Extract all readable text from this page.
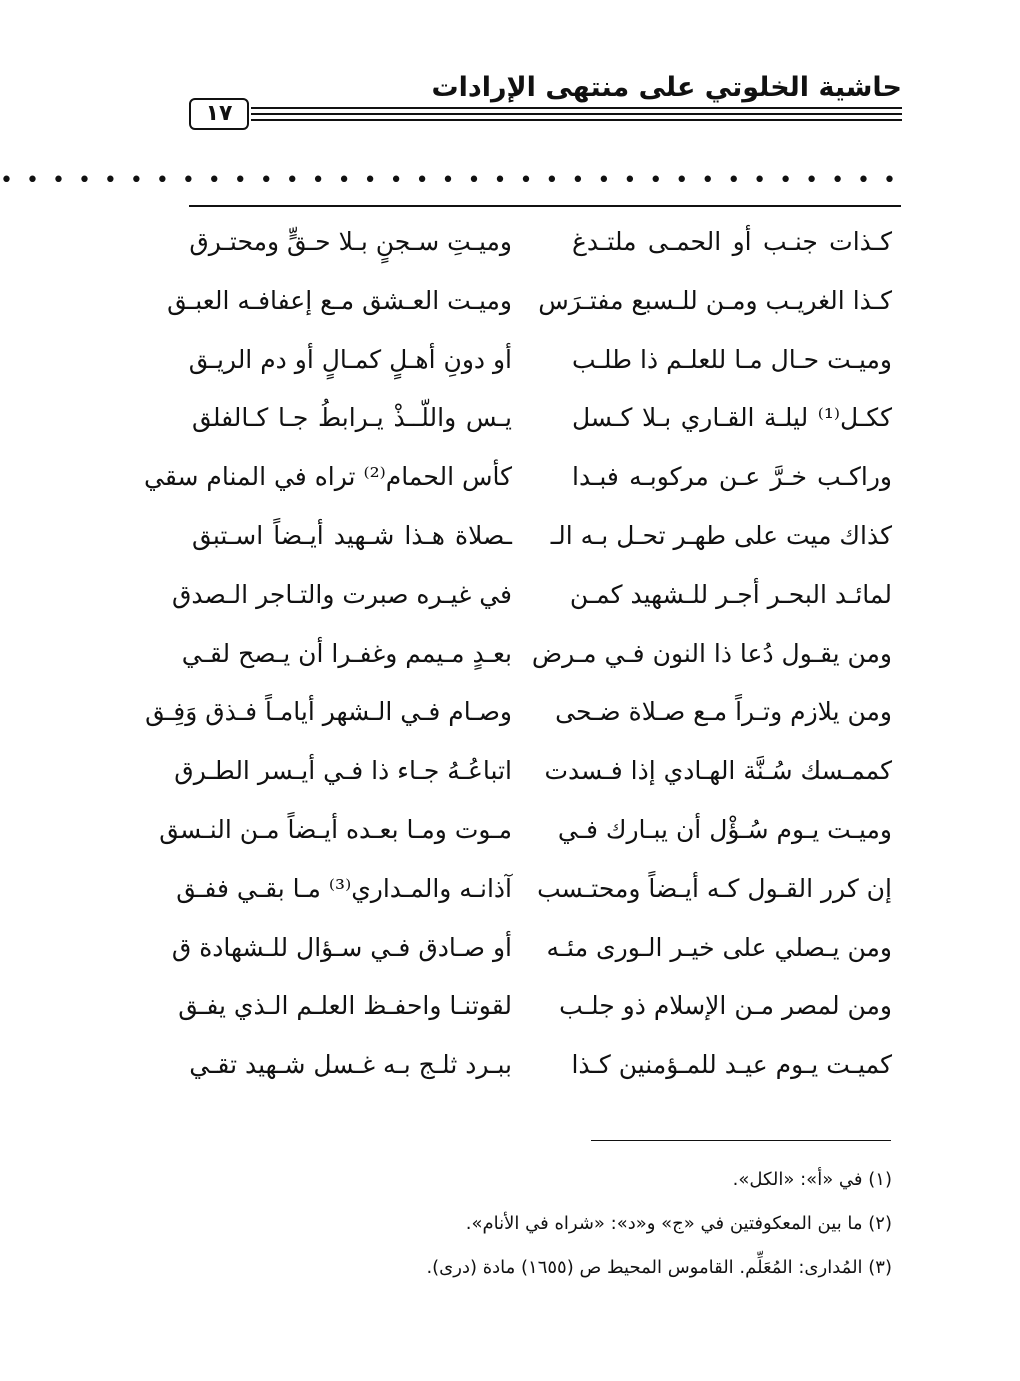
حاشية الخلوتي على منتهى الإرادات
١٧
• • • • • • • • • • • • • • • • • • • • • • • • • • • • • • • • • • •
كـذات جنـب أو الحمـى ملتـدغ
وميـتِ سـجنٍ بـلا حـقٍّ ومحتـرق
كـذا الغريـب ومـن للـسبع مفتـرَس
وميـت العـشق مـع إعفافـه العبـق
وميـت حـال مـا للعلـم ذا طلـب
أو دونِ أهـلٍ كمـالٍ أو دم الريـق
ككـل⁽¹⁾ ليلـة القـاري بـلا كـسل
يـس واللّــذْ يـرابطُ جـا كـالفلق
وراكـب خـرَّ عـن مركوبـه فبـدا
كأس الحمام⁽²⁾ تراه في المنام سقي
كذاك ميت على طهـر تحـل بـه الـ
ـصلاة هـذا شـهيد أيـضاً اسـتبق
لمائـد البحـر أجـر للـشهيد كمـن
في غيـره صبرت والتـاجر الـصدق
ومن يقـول دُعا ذا النون فـي مـرض
بعـدٍ مـيمم وغفـرا أن يـصح لقـي
ومن يلازم وتـراً مـع صـلاة ضـحى
وصـام فـي الـشهر أيامـاً فـذق وَفِـق
كممـسك سُـنَّة الهـادي إذا فـسدت
اتباعُـهُ جـاء ذا فـي أيـسر الطـرق
وميـت يـوم سُـؤْل أن يبـارك فـي
مـوت ومـا بعـده أيـضاً مـن النـسق
إن كرر القـول كـه أيـضاً ومحتـسب
آذانـه والمـداري⁽³⁾ مـا بقـي ففـق
ومن يـصلي على خيـر الـورى مئـه
أو صـادق فـي سـؤال للـشهادة ق
ومن لمصر مـن الإسلام ذو جلـب
لقوتنـا واحفـظ العلـم الـذي يفـق
كميـت يـوم عيـد للمـؤمنين كـذا
ببـرد ثلـج بـه غـسل شـهيد تقـي
(١) في «أ»: «الكل».
(٢) ما بين المعكوفتين في «ج» و«د»: «شراه في الأنام».
(٣) المُدارى: المُعَلِّم. القاموس المحيط ص (١٦٥٥) مادة (درى).
